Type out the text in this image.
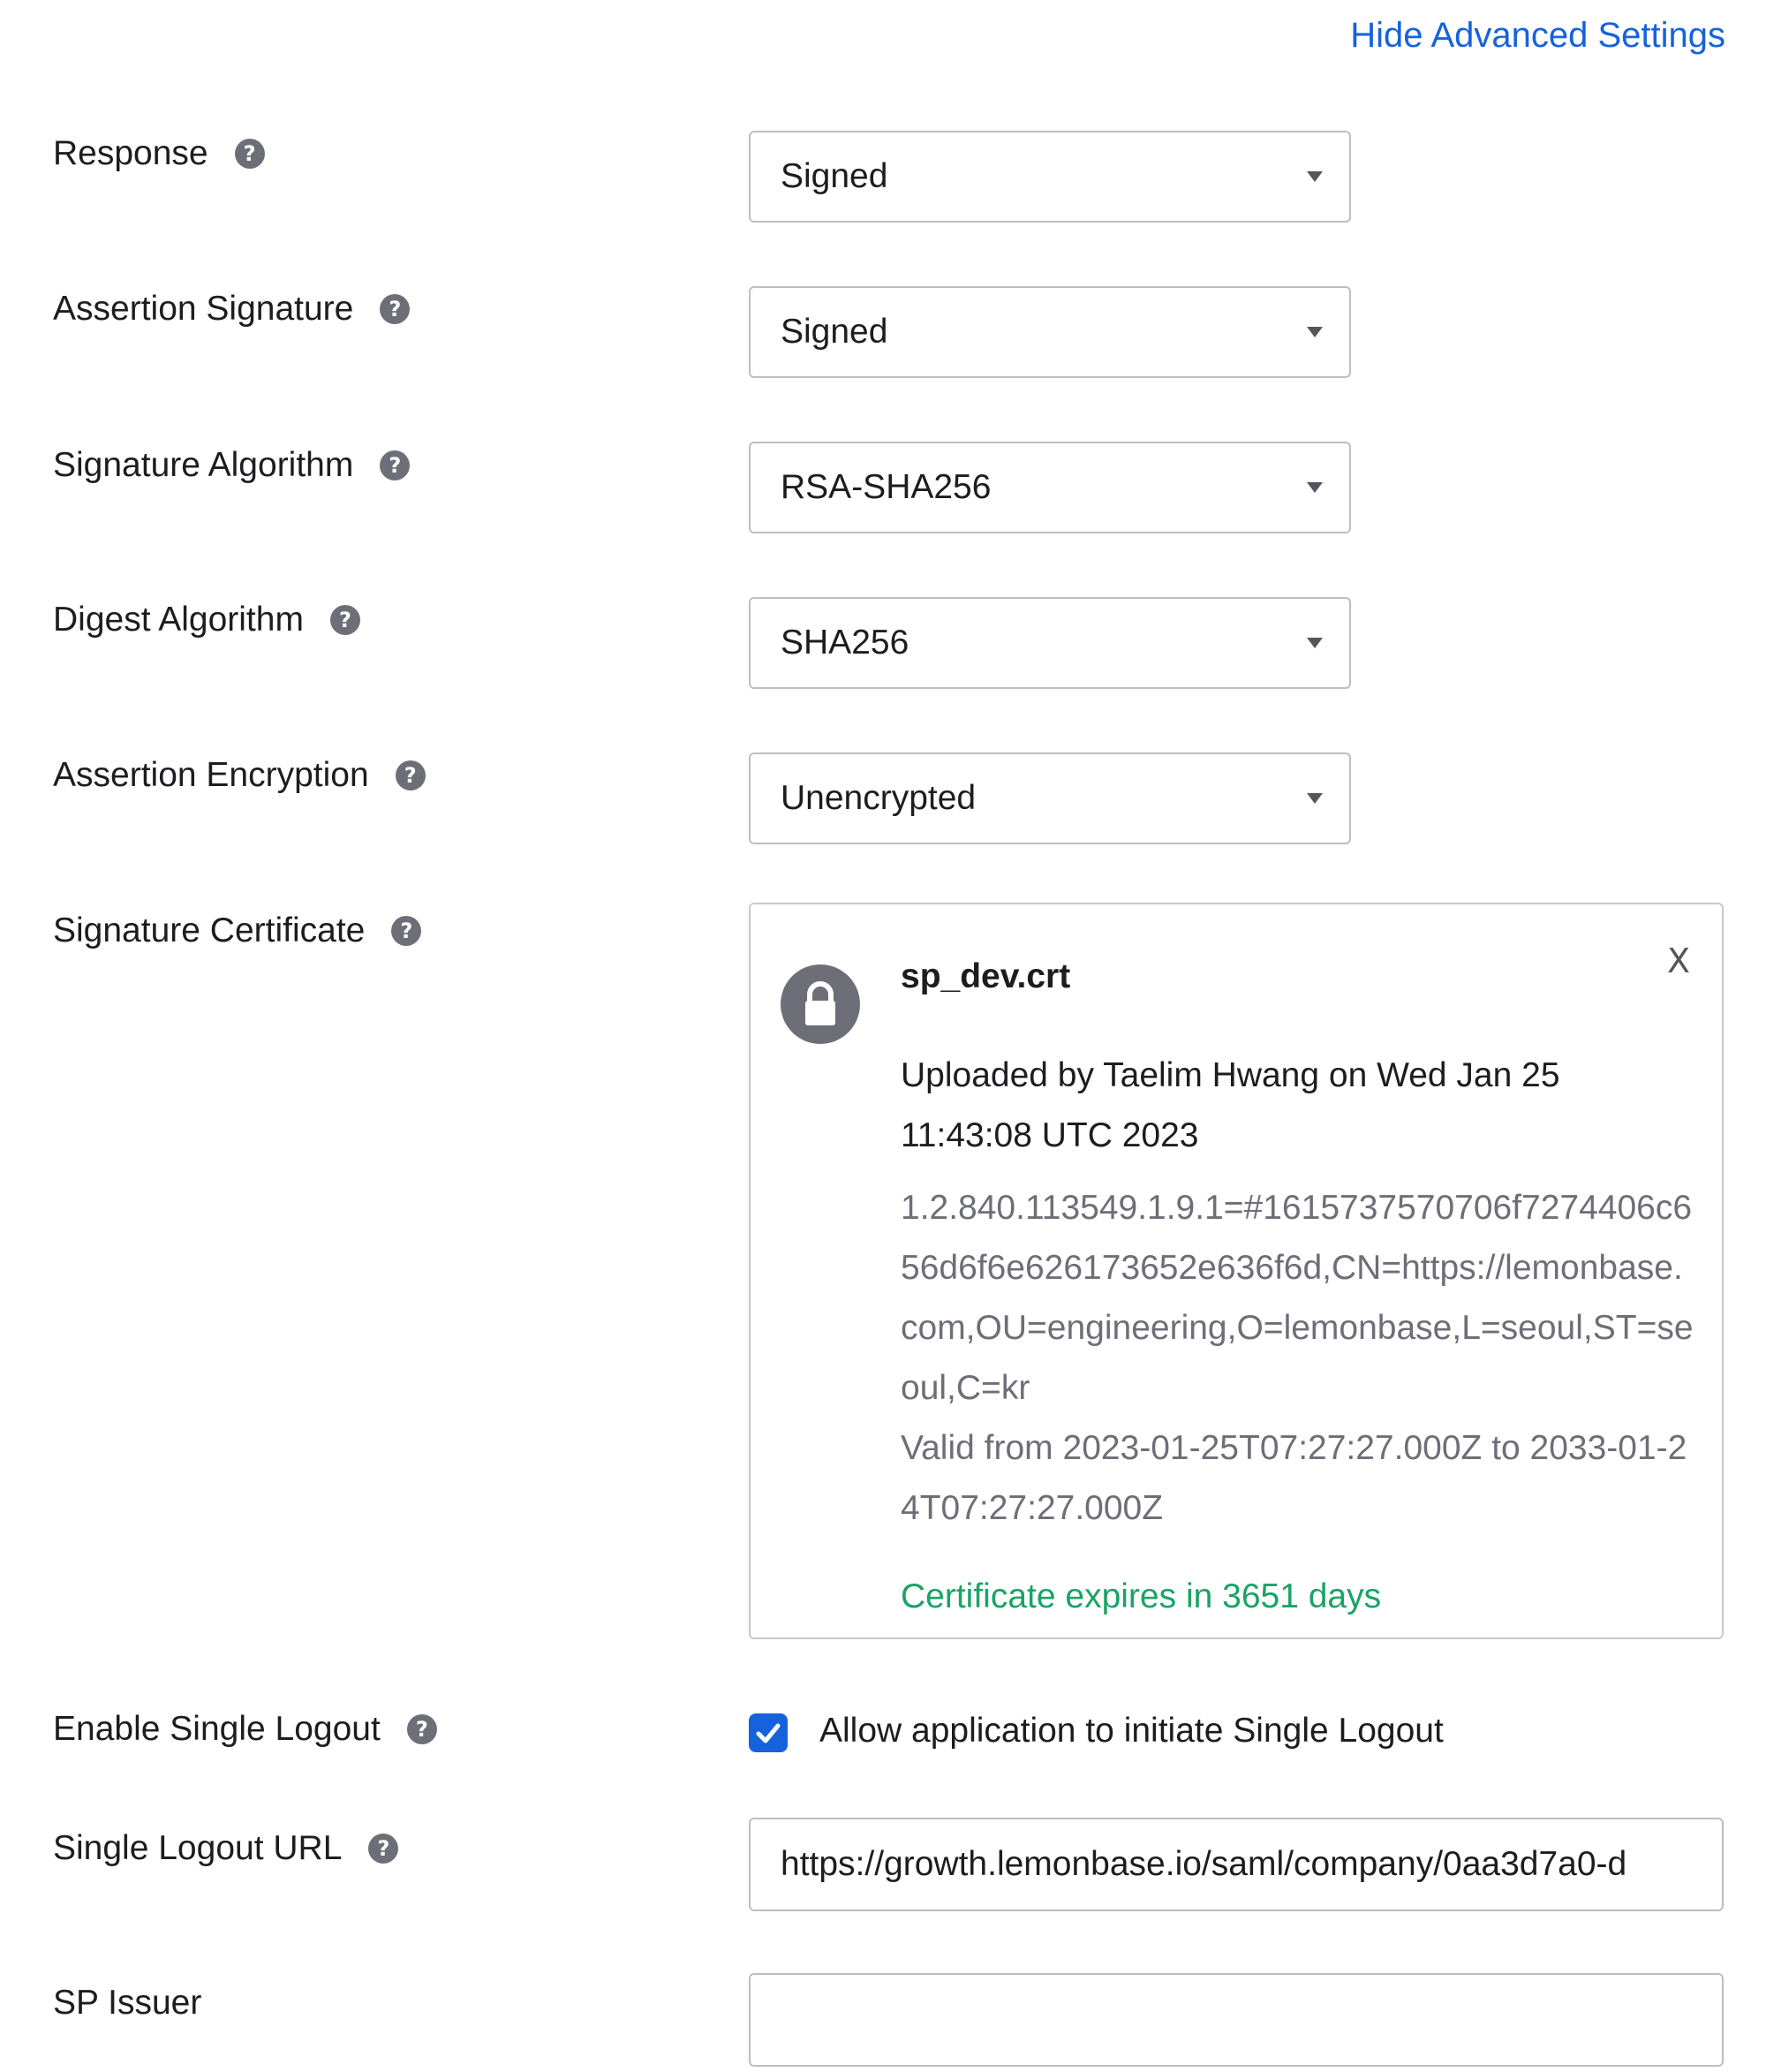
Hide Advanced Settings
Response	?
Signed
Assertion Signature	?
Signed
Signature Algorithm	?
RSA-SHA256
Digest Algorithm	?
SHA256
Assertion Encryption	?
Unencrypted
Signature Certificate	?
sp_dev.crt	X
Uploaded by Taelim Hwang on Wed Jan 25 11:43:08 UTC 2023
1.2.840.113549.1.9.1=#1615737570706f7274406c656d6f6e626173652e636f6d,CN=https://lemonbase.com,OU=engineering,O=lemonbase,L=seoul,ST=seoul,C=kr
Valid from 2023-01-25T07:27:27.000Z to 2033-01-24T07:27:27.000Z
Certificate expires in 3651 days
Enable Single Logout	?	Allow application to initiate Single Logout
Single Logout URL	?
https://growth.lemonbase.io/saml/company/0aa3d7a0-d
SP Issuer
